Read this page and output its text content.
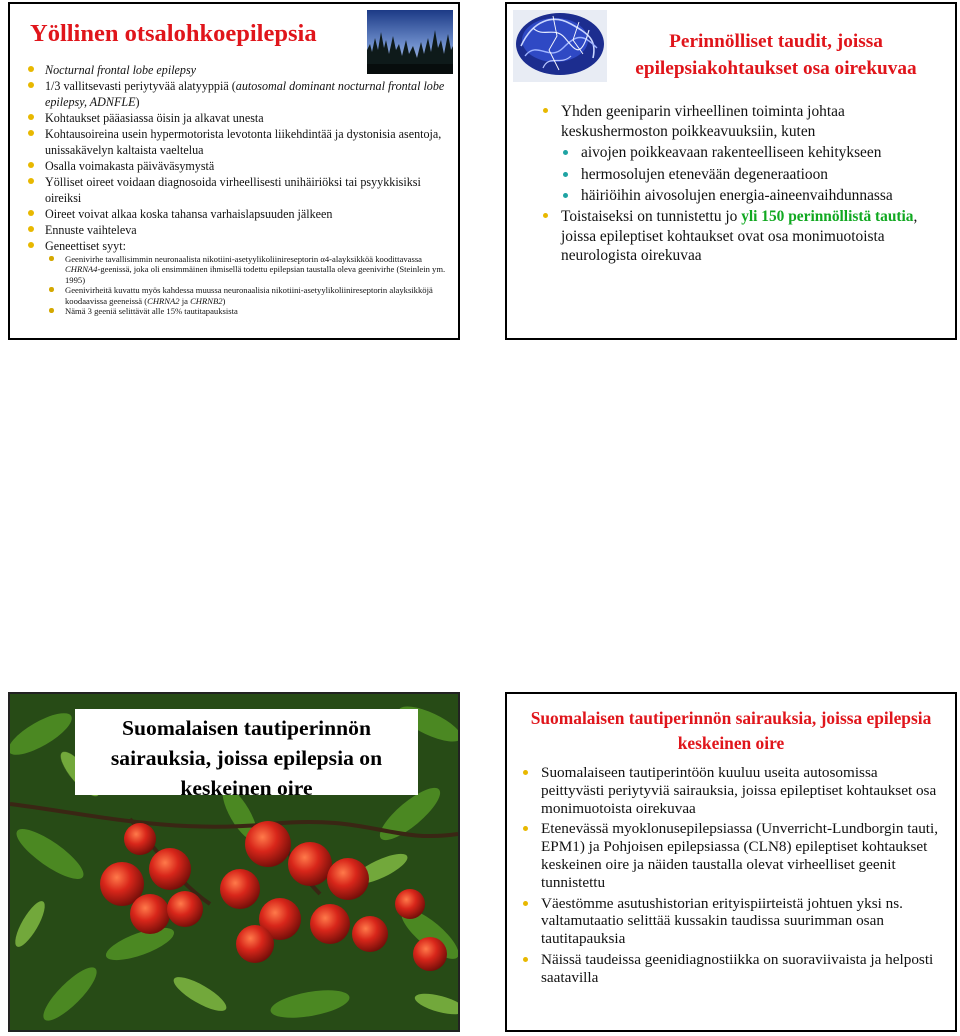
Yöllinen otsalohkoepilepsia
Nocturnal frontal lobe epilepsy
1/3 vallitsevasti periytyvää alatyyppiä (autosomal dominant nocturnal frontal lobe epilepsy, ADNFLE)
Kohtaukset pääasiassa öisin ja alkavat unesta
Kohtausoireina usein hypermotorista levotonta liikehdintää ja dystonisia asentoja, unissakävelyn kaltaista vaeltelua
Osalla voimakasta päiväväsymystä
Yölliset oireet voidaan diagnosoida virheellisesti unihäiriöksi tai psyykkisiksi oireiksi
Oireet voivat alkaa koska tahansa varhaislapsuuden jälkeen
Ennuste vaihteleva
Geneettiset syyt:
Geenivirhe tavallisimmin neuronaalista nikotiini-asetyylikoliinireseptorin α4-alayksikköä koodittavassa CHRNA4-geenissä, joka oli ensimmäinen ihmisellä todettu epilepsian taustalla oleva geenivirhe (Steinlein ym. 1995)
Geenivirheitä kuvattu myös kahdessa muussa neuronaalisia nikotiini-asetyylikoliinireseptorin alayksikköjä koodaavissa geeneissä (CHRNA2 ja CHRNB2)
Nämä 3 geeniä selittävät alle 15% tautitapauksista
Perinnölliset taudit, joissa epilepsiakohtaukset osa oirekuvaa
Yhden geeniparin virheellinen toiminta johtaa keskushermoston poikkeavuuksiin, kuten
aivojen poikkeavaan rakenteelliseen kehitykseen
hermosolujen etenevään degeneraatioon
häiriöihin aivosolujen energia-aineenvaihdunnassa
Toistaiseksi on tunnistettu jo yli 150 perinnöllistä tautia, joissa epileptiset kohtaukset ovat osa monimuotoista neurologista oirekuvaa
Suomalaisen tautiperinnön sairauksia, joissa epilepsia on keskeinen oire
Suomalaisen tautiperinnön sairauksia, joissa epilepsia keskeinen oire
Suomalaiseen tautiperintöön kuuluu useita autosomissa peittyvästi periytyviä sairauksia, joissa epileptiset kohtaukset osa monimuotoista oirekuvaa
Etenevässä myoklonusepilepsiassa (Unverricht-Lundborgin tauti, EPM1) ja Pohjoisen epilepsiassa (CLN8) epileptiset kohtaukset keskeinen oire ja näiden taustalla olevat virheelliset geenit tunnistettu
Väestömme asutushistorian erityispiirteistä johtuen yksi ns. valtamutaatio selittää kussakin taudissa suurimman osan tautitapauksia
Näissä taudeissa geenidiagnostiikka on suoraviivaista ja helposti saatavilla
